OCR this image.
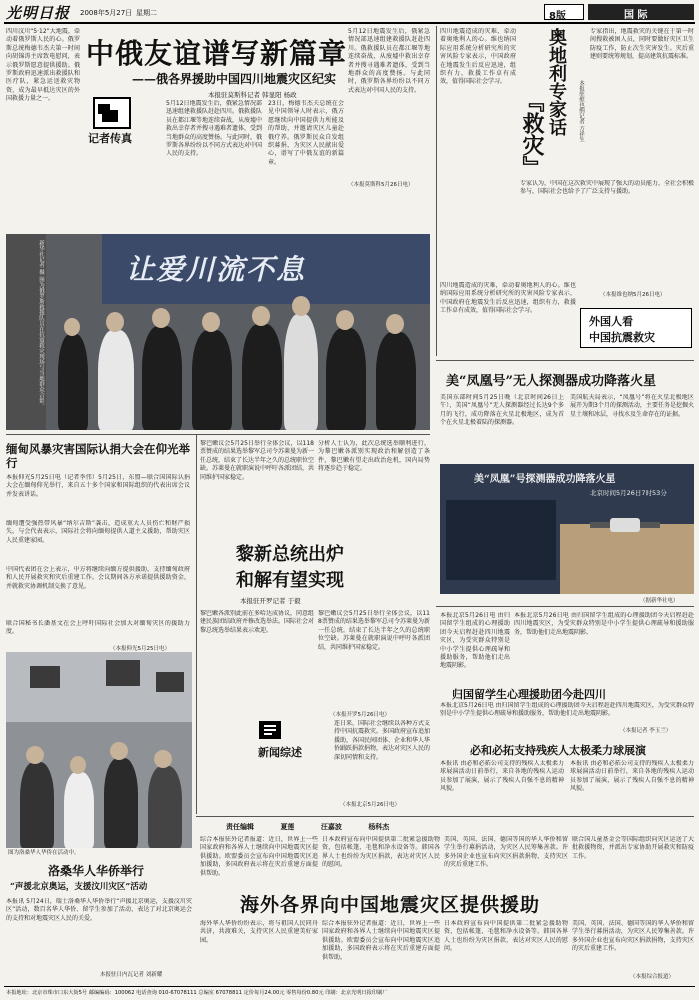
光明日报 2008年5月27日 星期二	8版	国 际
中俄友谊谱写新篇章
——俄各界援助中国四川地震灾区纪实
本报驻莫斯科记者 韩显阳 杨政
四川汶川“5·12”大地震，牵动着俄罗斯人民的心。俄罗斯总统梅德韦杰夫第一时间向胡锦涛主席致电慰问，表示俄罗斯愿意提供援助。俄罗斯政府迅速派出救援队和医疗队，紧急运送救灾物资，成为最早抵达灾区的外国救援力量之一。
记者传真
5月12日地震发生后，俄紧急情况部迅速组建救援队赶赴四川。俄救援队员在都江堰等地连续奋战，从废墟中救出幸存者并搜寻遇难者遗体，受到当地群众的高度赞扬。与此同时，俄罗斯各界纷纷以不同方式表达对中国人民的支持。
23日，梅德韦杰夫总统在会见中国领导人时表示，俄方愿继续向中国提供力所能及的帮助，并邀请灾区儿童赴俄疗养。俄罗斯民众自发组织募捐，为灾区人民献出爱心，谱写了中俄友谊的新篇章。
5月12日地震发生后，俄紧急情况部迅速组建救援队赶赴四川。俄救援队员在都江堰等地连续奋战，从废墟中救出幸存者并搜寻遇难者遗体，受到当地群众的高度赞扬。与此同时，俄罗斯各界纷纷以不同方式表达对中国人民的支持。
（本报莫斯科5月26日电）
让爱川流不息
新华社记者 摄 图为俄罗斯救援队员在抗震救灾现场与当地群众合影。
奥地利专家话
『救灾』	本报驻维也纳记者 方祥生
四川地震造成的灾难，牵动着奥地利人的心。维也纳国际应用系统分析研究所的灾害风险专家表示，中国政府在地震发生后反应迅速，组织有力，救援工作卓有成效，值得国际社会学习。
专家指出，地震救灾的关键在于第一时间搜救被困人员，同时要做好灾区卫生防疫工作，防止次生灾害发生。灾后重建则要统筹规划，提高建筑抗震标准。
专家认为，中国在这次救灾中展现了强大的动员能力，全社会积极参与，国际社会也给予了广泛支持与援助。
（本报维也纳5月26日电）
外国人看
中国抗震救灾
四川地震造成的灾难，牵动着奥地利人的心。维也纳国际应用系统分析研究所的灾害风险专家表示，中国政府在地震发生后反应迅速，组织有力，救援工作卓有成效，值得国际社会学习。
美“凤凰号”无人探测器成功降落火星
美国东部时间5月25日晚（北京时间26日上午），美国“凤凰号”无人探测器经过长达9个多月的飞行，成功降落在火星北极地区，成为首个在火星北极着陆的探测器。
美国航天局表示，“凤凰号”将在火星北极地区展开为期3个月的探测活动，主要任务是挖掘火星土壤和冰层，寻找水及生命存在的证据。
美“凤凰”号探测器成功降落火星
北京时间5月26日7时53分
（据新华社电）
缅甸风暴灾害国际认捐大会在仰光举行
本报仰光5月25日电（记者李伟）5月25日，东盟—联合国国际认捐大会在缅甸仰光举行，来自五十多个国家和国际组织的代表出席会议并发表讲话。
缅甸遭受强热带风暴“纳尔吉斯”袭击，造成重大人员伤亡和财产损失。与会代表表示，国际社会将向缅甸提供人道主义援助，帮助灾区人民重建家园。
中国代表团在会上表示，中方将继续向缅方提供援助，支持缅甸政府和人民开展救灾和灾后重建工作。会议期间各方承诺提供援助资金，并就救灾协调机制交换了意见。
联合国秘书长潘基文在会上呼吁国际社会加大对缅甸灾区的援助力度。
（本报仰光5月25日电）
黎巴嫩议会5月25日举行全体会议，以118票赞成的结果选举黎军总司令苏莱曼为新一任总统，结束了长达半年之久的总统职位空缺。苏莱曼在就职演说中呼吁各派团结，共同维护国家稳定。
分析人士认为，此次总统选举顺利进行，为黎巴嫩各派别实现政治和解创造了条件，黎巴嫩有望走出政治危机，国内局势将逐步趋于稳定。
黎新总统出炉
和解有望实现
本报驻开罗记者 于毅
黎巴嫩各派别此前在多哈达成协议，同意组建民族团结政府并修改选举法。国际社会对黎总统选举结果表示欢迎。
黎巴嫩议会5月25日举行全体会议，以118票赞成的结果选举黎军总司令苏莱曼为新一任总统，结束了长达半年之久的总统职位空缺。苏莱曼在就职演说中呼吁各派团结，共同维护国家稳定。
（本报开罗5月26日电）
新闻综述
连日来，国际社会继续以各种方式支持中国抗震救灾。多国政府宣布追加援助，各国民间团体、企业和华人华侨踊跃捐款捐物，表达对灾区人民的深切同情和支持。
（本报北京5月26日电）
本报北京5月26日电 由归国留学生组成的心理援助团今天启程赶赴四川地震灾区，为受灾群众特别是中小学生提供心理疏导和援助服务，帮助他们走出地震阴影。
归国留学生心理援助团今赴四川
本报北京5月26日电 由归国留学生组成的心理援助团今天启程赶赴四川地震灾区，为受灾群众特别是中小学生提供心理疏导和援助服务，帮助他们走出地震阴影。
本报北京5月26日电 由归国留学生组成的心理援助团今天启程赶赴四川地震灾区，为受灾群众特别是中小学生提供心理疏导和援助服务，帮助他们走出地震阴影。
（本报记者 李玉兰）
必和必拓支持残疾人太极柔力球展演
本报讯 由必和必拓公司支持的残疾人太极柔力球展演活动日前举行，来自各地的残疾人运动员参加了展演，展示了残疾人自强不息的精神风貌。
本报讯 由必和必拓公司支持的残疾人太极柔力球展演活动日前举行，来自各地的残疾人运动员参加了展演，展示了残疾人自强不息的精神风貌。
责任编辑	夏莲	汪嘉波	杨科杰
图为洛桑华人华侨在活动中。
洛桑华人华侨举行
“声援北京奥运，支援汶川灾区”活动
本报讯 5月24日，瑞士洛桑华人华侨举行“声援北京奥运，支援汶川灾区”活动，数百名华人华侨、留学生参加了活动，表达了对北京奥运会的支持和对地震灾区人民的关爱。
本报驻日内瓦记者 刘新耀
综合本报驻外记者报道：近日，世界上一些国家政府和各界人士继续向中国地震灾区提供援助。欧盟委员会宣布向中国地震灾区追加援助，多国政府表示将在灾后重建方面提供帮助。
日本政府宣布向中国提供第二批紧急援助物资，包括帐篷、毛毯和净水设备等。韩国各界人士也纷纷为灾区捐款，表达对灾区人民的慰问。
美国、英国、法国、德国等国的华人华侨和留学生举行募捐活动，为灾区人民筹集善款。许多外国企业也宣布向灾区捐款捐物，支持灾区的灾后重建工作。
联合国儿童基金会等国际组织向灾区运送了大批救援物资，并派出专家协助开展救灾和防疫工作。
海外各界向中国地震灾区提供援助
海外华人华侨纷纷表示，将与祖国人民同舟共济，共渡难关，支持灾区人民重建美好家园。
综合本报驻外记者报道：近日，世界上一些国家政府和各界人士继续向中国地震灾区提供援助。欧盟委员会宣布向中国地震灾区追加援助，多国政府表示将在灾后重建方面提供帮助。
日本政府宣布向中国提供第二批紧急援助物资，包括帐篷、毛毯和净水设备等。韩国各界人士也纷纷为灾区捐款，表达对灾区人民的慰问。
美国、英国、法国、德国等国的华人华侨和留学生举行募捐活动，为灾区人民筹集善款。许多外国企业也宣布向灾区捐款捐物，支持灾区的灾后重建工作。
（本报综合报道）
本报地址：北京市珠市口东大街5号 邮编编码：100062 电话查询 010-67078111 总编室 67078811 定价每月24.00元 零售每份0.80元 印刷：北京光明日报印刷厂
